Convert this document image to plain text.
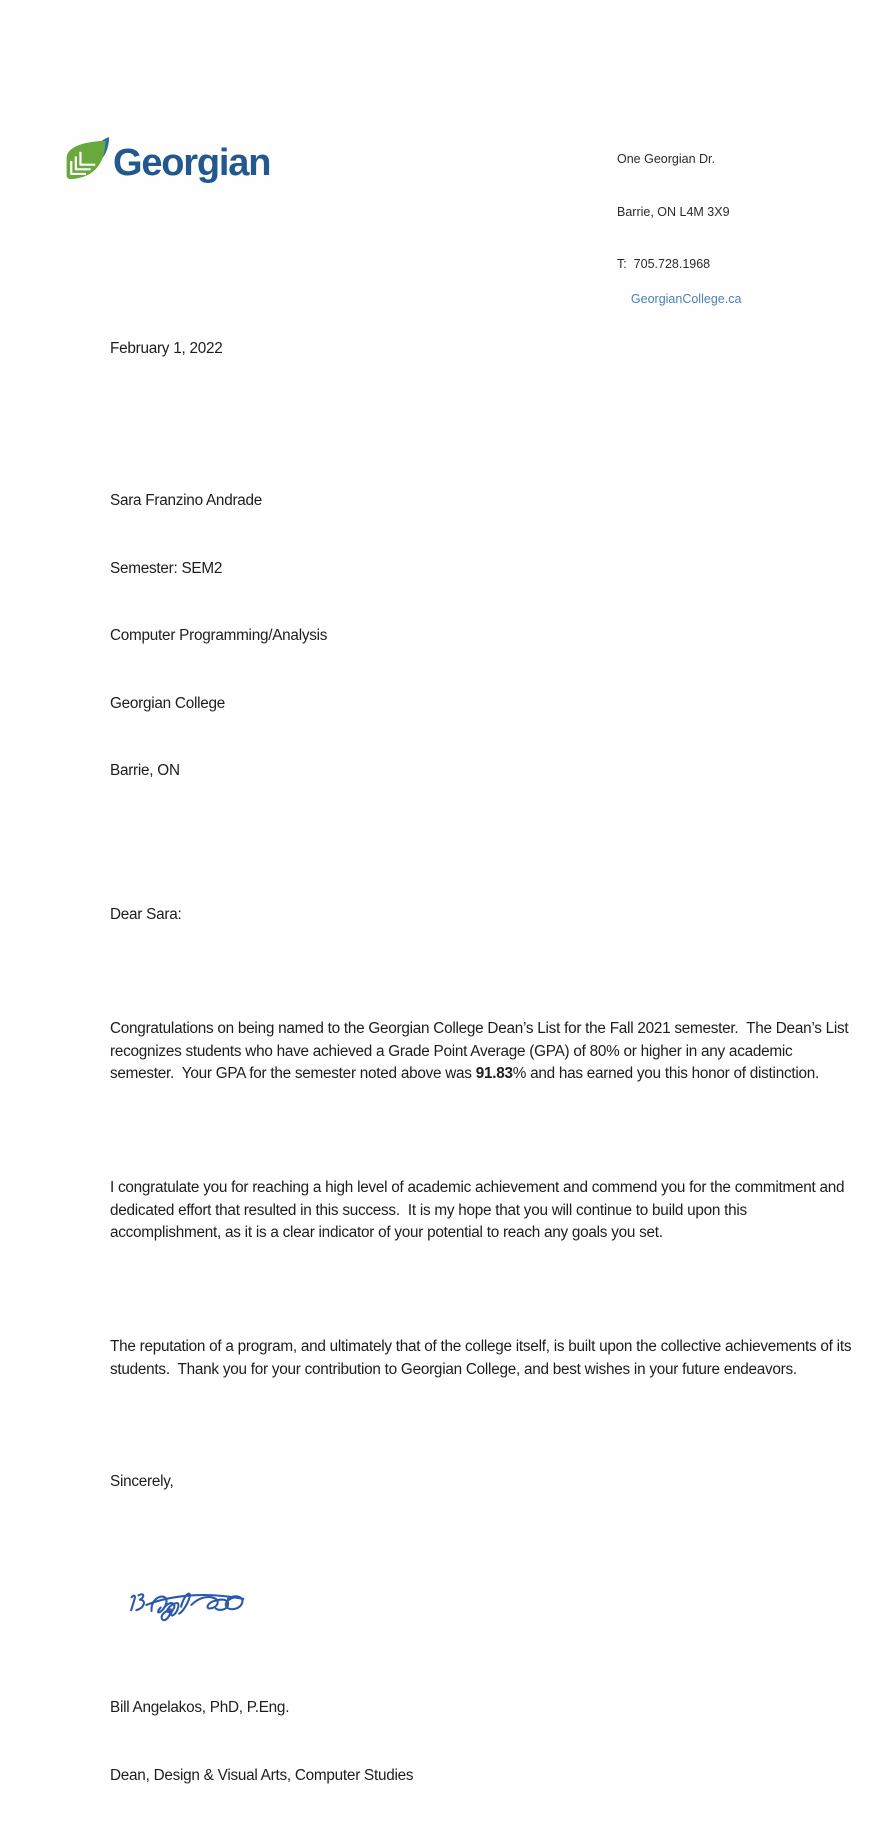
Georgian

	One Georgian Dr.

Barrie, ON L4M 3X9

T:  705.728.1968

GeorgianCollege.ca

February 1, 2022

Sara Franzino Andrade

Semester: SEM2

Computer Programming/Analysis

Georgian College

Barrie, ON

Dear Sara:

Congratulations on being named to the Georgian College Dean’s List for the Fall 2021 semester.  The Dean’s List recognizes students who have achieved a Grade Point Average (GPA) of 80% or higher in any academic semester.  Your GPA for the semester noted above was 91.83% and has earned you this honor of distinction.

I congratulate you for reaching a high level of academic achievement and commend you for the commitment and dedicated effort that resulted in this success.  It is my hope that you will continue to build upon this accomplishment, as it is a clear indicator of your potential to reach any goals you set.

The reputation of a program, and ultimately that of the college itself, is built upon the collective achievements of its students.  Thank you for your contribution to Georgian College, and best wishes in your future endeavors.

Sincerely,

Bill Angelakos, PhD, P.Eng.

Dean, Design & Visual Arts, Computer Studies
